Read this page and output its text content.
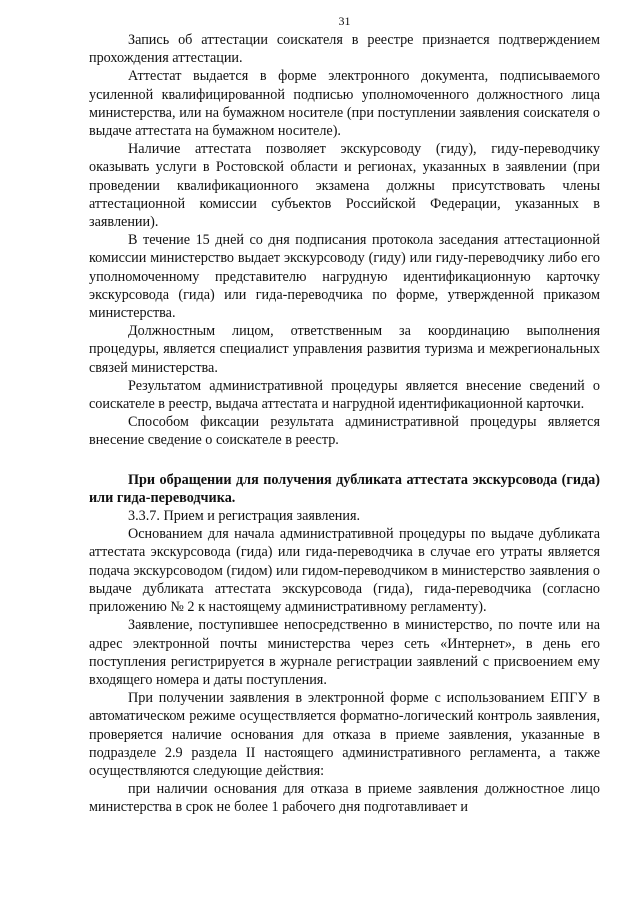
31

Запись об аттестации соискателя в реестре признается подтверждением прохождения аттестации.

Аттестат выдается в форме электронного документа, подписываемого усиленной квалифицированной подписью уполномоченного должностного лица министерства, или на бумажном носителе (при поступлении заявления соискателя о выдаче аттестата на бумажном носителе).

Наличие аттестата позволяет экскурсоводу (гиду), гиду-переводчику оказывать услуги в Ростовской области и регионах, указанных в заявлении (при проведении квалификационного экзамена должны присутствовать члены аттестационной комиссии субъектов Российской Федерации, указанных в заявлении).

В течение 15 дней со дня подписания протокола заседания аттестационной комиссии министерство выдает экскурсоводу (гиду) или гиду-переводчику либо его уполномоченному представителю нагрудную идентификационную карточку экскурсовода (гида) или гида-переводчика по форме, утвержденной приказом министерства.

Должностным лицом, ответственным за координацию выполнения процедуры, является специалист управления развития туризма и межрегиональных связей министерства.

Результатом административной процедуры является внесение сведений о соискателе в реестр, выдача аттестата и нагрудной идентификационной карточки.

Способом фиксации результата административной процедуры является внесение сведение о соискателе в реестр.

При обращении для получения дубликата аттестата экскурсовода (гида) или гида-переводчика.

3.3.7. Прием и регистрация заявления.

Основанием для начала административной процедуры по выдаче дубликата аттестата экскурсовода (гида) или гида-переводчика в случае его утраты является подача экскурсоводом (гидом) или гидом-переводчиком в министерство заявления о выдаче дубликата аттестата экскурсовода (гида), гида-переводчика (согласно приложению № 2 к настоящему административному регламенту).

Заявление, поступившее непосредственно в министерство, по почте или на адрес электронной почты министерства через сеть «Интернет», в день его поступления регистрируется в журнале регистрации заявлений с присвоением ему входящего номера и даты поступления.

При получении заявления в электронной форме с использованием ЕПГУ в автоматическом режиме осуществляется форматно-логический контроль заявления, проверяется наличие основания для отказа в приеме заявления, указанные в подразделе 2.9 раздела II настоящего административного регламента, а также осуществляются следующие действия:

при наличии основания для отказа в приеме заявления должностное лицо министерства в срок не более 1 рабочего дня подготавливает и
